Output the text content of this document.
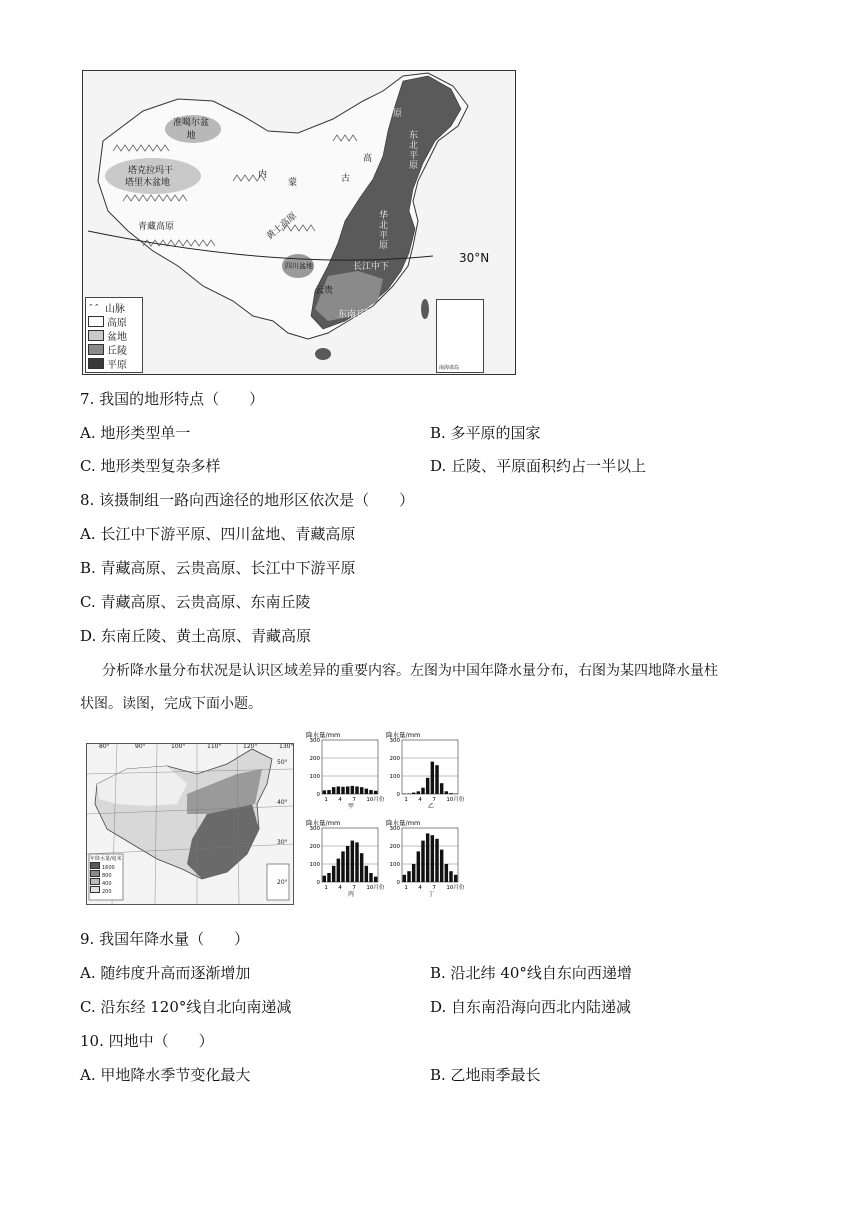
准噶尔盆地
塔克拉玛干
塔里木盆地
青藏高原
内
蒙	古
高
原
黄土高原	华北平原
东北平原
四川盆地
云贵
东南丘陵
长江中下
30°N
⌃⌃ 山脉
高原
盆地
丘陵
平原	南海诸岛
7. 我国的地形特点（　　）
A. 地形类型单一	B. 多平原的国家
C. 地形类型复杂多样	D. 丘陵、平原面积约占一半以上
8. 该摄制组一路向西途径的地形区依次是（　　）
A. 长江中下游平原、四川盆地、青藏高原
B. 青藏高原、云贵高原、长江中下游平原
C. 青藏高原、云贵高原、东南丘陵
D. 东南丘陵、黄土高原、青藏高原
分析降水量分布状况是认识区域差异的重要内容。左图为中国年降水量分布，右图为某四地降水量柱
状图。读图，完成下面小题。
年降水量/毫米
1600
800
400
200
80°	90°	100°	110°	120°	130°
50°
40°
30°
20°
降水量/mm
300
200
100
0
1 4 7 10月份
甲
降水量/mm
300
200
100
0
1 4 7 10月份
乙
降水量/mm
300
200
100
0
1 4 7 10月份
丙
降水量/mm
300
200
100
0
1 4 7 10月份
丁
9. 我国年降水量（　　）
A. 随纬度升高而逐渐增加	B. 沿北纬 40°线自东向西递增
C. 沿东经 120°线自北向南递减	D. 自东南沿海向西北内陆递减
10. 四地中（　　）
A. 甲地降水季节变化最大	B. 乙地雨季最长
